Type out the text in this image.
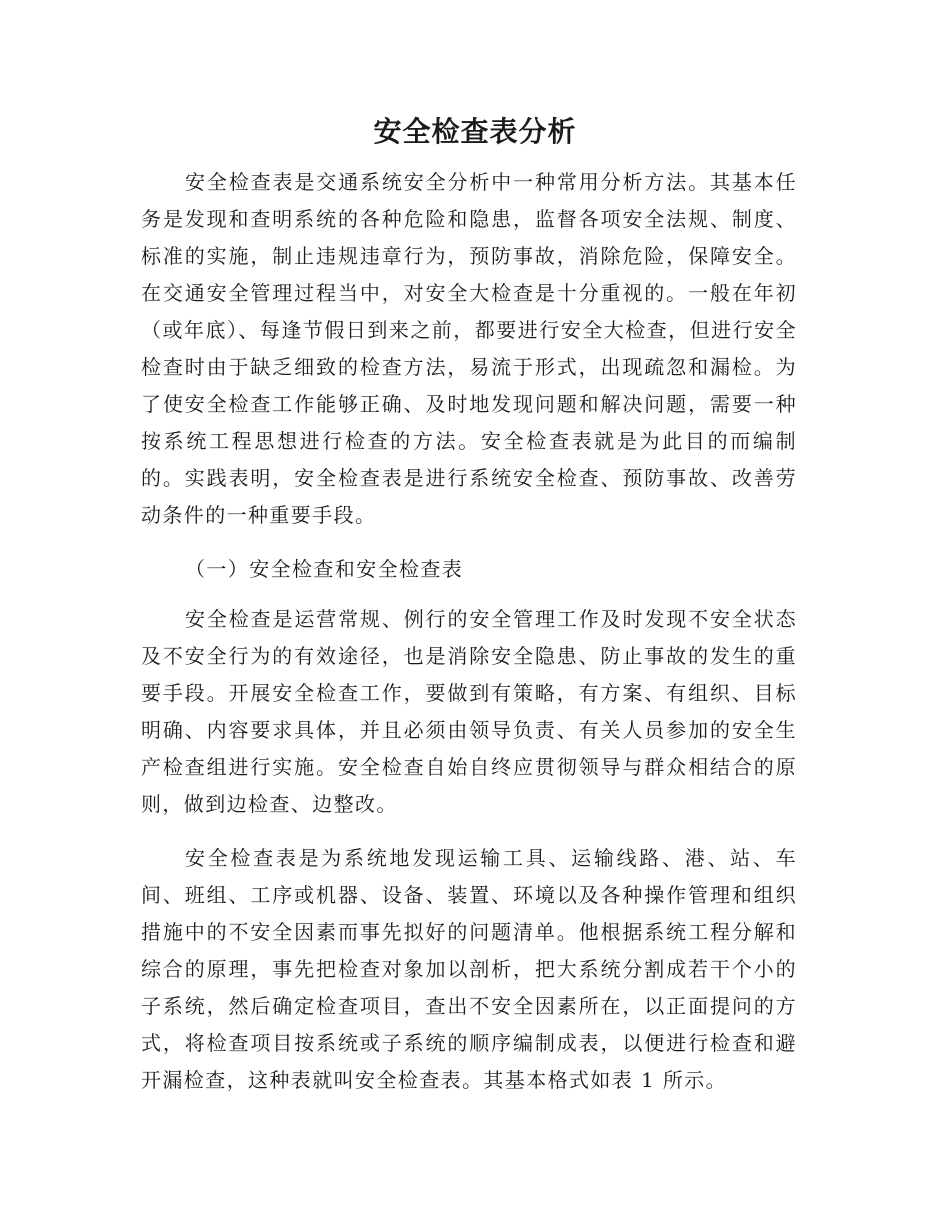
安全检查表分析
安全检查表是交通系统安全分析中一种常用分析方法。其基本任务是发现和查明系统的各种危险和隐患，监督各项安全法规、制度、标准的实施，制止违规违章行为，预防事故，消除危险，保障安全。在交通安全管理过程当中，对安全大检查是十分重视的。一般在年初（或年底）、每逢节假日到来之前，都要进行安全大检查，但进行安全检查时由于缺乏细致的检查方法，易流于形式，出现疏忽和漏检。为了使安全检查工作能够正确、及时地发现问题和解决问题，需要一种按系统工程思想进行检查的方法。安全检查表就是为此目的而编制的。实践表明，安全检查表是进行系统安全检查、预防事故、改善劳动条件的一种重要手段。
（一）安全检查和安全检查表
安全检查是运营常规、例行的安全管理工作及时发现不安全状态及不安全行为的有效途径，也是消除安全隐患、防止事故的发生的重要手段。开展安全检查工作，要做到有策略，有方案、有组织、目标明确、内容要求具体，并且必须由领导负责、有关人员参加的安全生产检查组进行实施。安全检查自始自终应贯彻领导与群众相结合的原则，做到边检查、边整改。
安全检查表是为系统地发现运输工具、运输线路、港、站、车间、班组、工序或机器、设备、装置、环境以及各种操作管理和组织措施中的不安全因素而事先拟好的问题清单。他根据系统工程分解和综合的原理，事先把检查对象加以剖析，把大系统分割成若干个小的子系统，然后确定检查项目，查出不安全因素所在，以正面提问的方式，将检查项目按系统或子系统的顺序编制成表，以便进行检查和避开漏检查，这种表就叫安全检查表。其基本格式如表 1 所示。
